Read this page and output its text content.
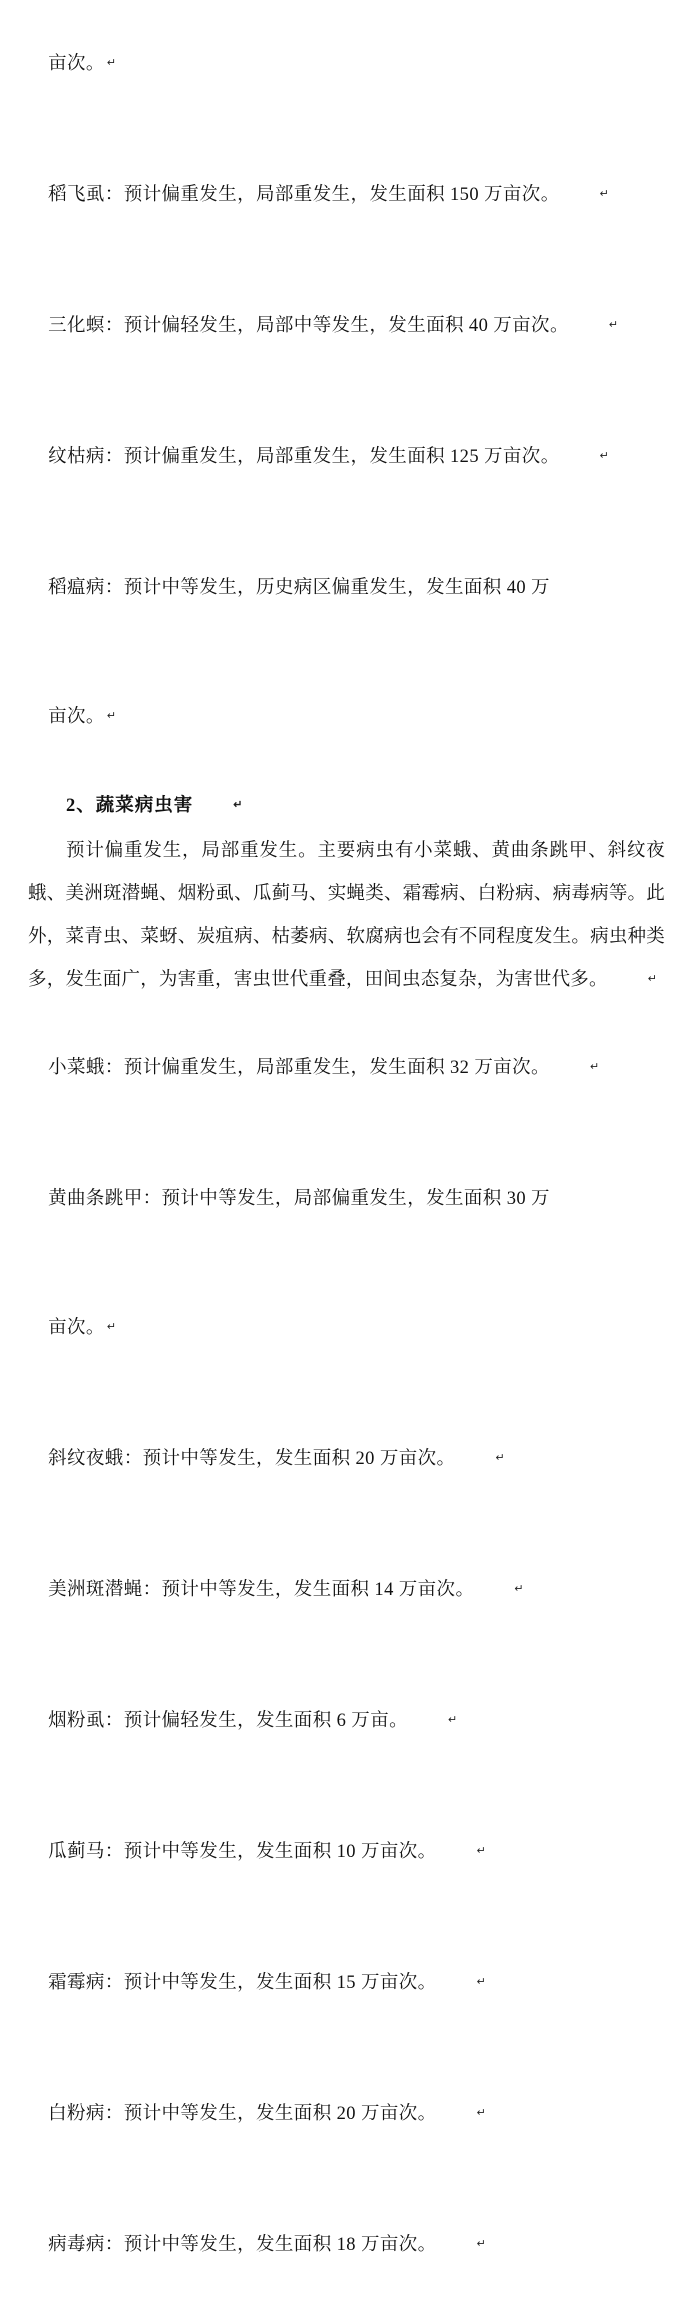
亩次。 ↵

稻飞虱：预计偏重发生，局部重发生，发生面积 150 万亩次。	↵

三化螟：预计偏轻发生，局部中等发生，发生面积 40 万亩次。	↵

纹枯病：预计偏重发生，局部重发生，发生面积 125 万亩次。	↵

稻瘟病：预计中等发生，历史病区偏重发生，发生面积 40 万

亩次。 ↵

2、蔬菜病虫害	↵
预计偏重发生，局部重发生。主要病虫有小菜蛾、黄曲条跳甲、斜纹夜蛾、美洲斑潜蝇、烟粉虱、瓜蓟马、实蝇类、霜霉病、白粉病、病毒病等。此外，菜青虫、菜蚜、炭疽病、枯萎病、软腐病也会有不同程度发生。病虫种类多，发生面广，为害重，害虫世代重叠，田间虫态复杂，为害世代多。	↵

小菜蛾：预计偏重发生，局部重发生，发生面积 32 万亩次。	↵

黄曲条跳甲：预计中等发生，局部偏重发生，发生面积 30 万

亩次。 ↵

斜纹夜蛾：预计中等发生，发生面积 20 万亩次。	↵

美洲斑潜蝇：预计中等发生，发生面积 14 万亩次。	↵

烟粉虱：预计偏轻发生，发生面积 6 万亩。	↵

瓜蓟马：预计中等发生，发生面积 10 万亩次。	↵

霜霉病：预计中等发生，发生面积 15 万亩次。	↵

白粉病：预计中等发生，发生面积 20 万亩次。	↵

病毒病：预计中等发生，发生面积 18 万亩次。	↵
